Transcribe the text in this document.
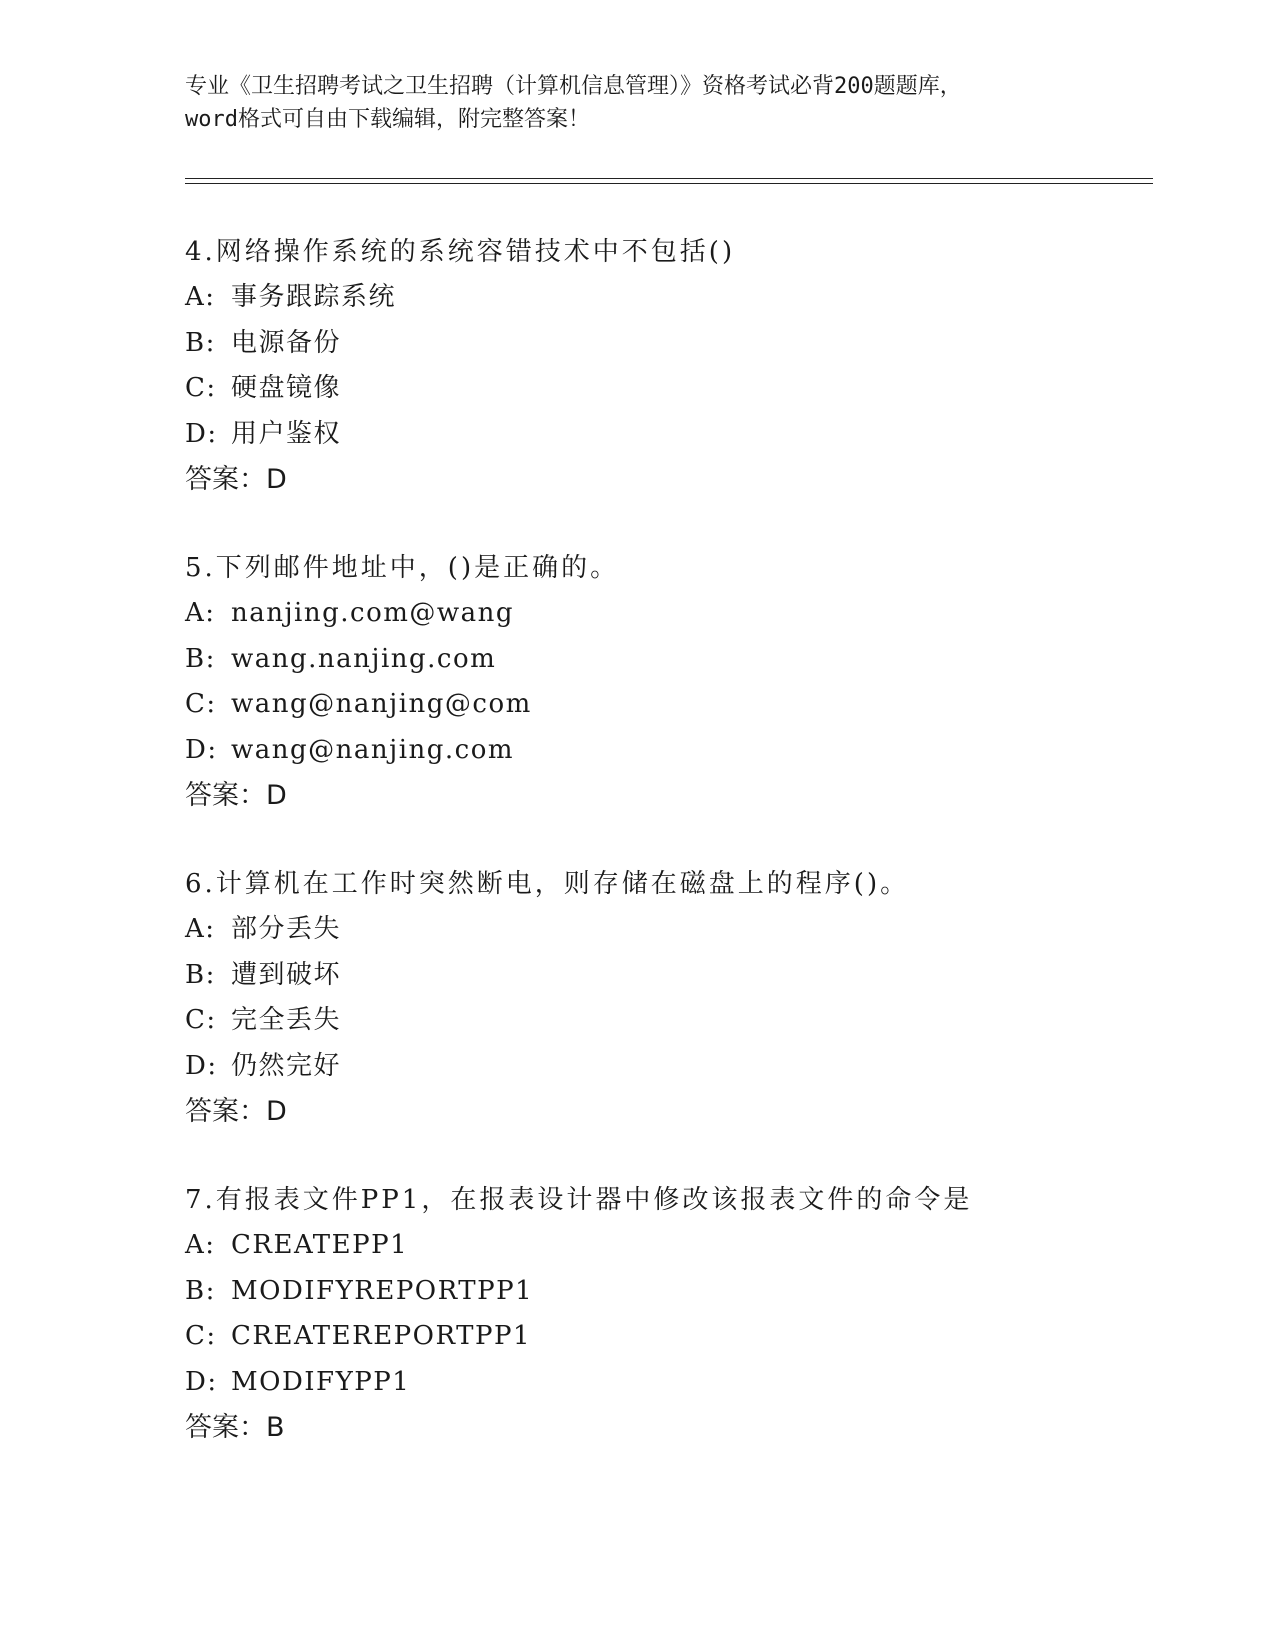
专业《卫生招聘考试之卫生招聘（计算机信息管理）》资格考试必背200题题库，
word格式可自由下载编辑，附完整答案！
4.网络操作系统的系统容错技术中不包括()
A: 事务跟踪系统
B: 电源备份
C: 硬盘镜像
D: 用户鉴权
答案：D
5.下列邮件地址中，()是正确的。
A: nanjing.com@wang
B: wang.nanjing.com
C: wang@nanjing@com
D: wang@nanjing.com
答案：D
6.计算机在工作时突然断电，则存储在磁盘上的程序()。
A: 部分丢失
B: 遭到破坏
C: 完全丢失
D: 仍然完好
答案：D
7.有报表文件PP1，在报表设计器中修改该报表文件的命令是
A: CREATEPP1
B: MODIFYREPORTPP1
C: CREATEREPORTPP1
D: MODIFYPP1
答案：B
